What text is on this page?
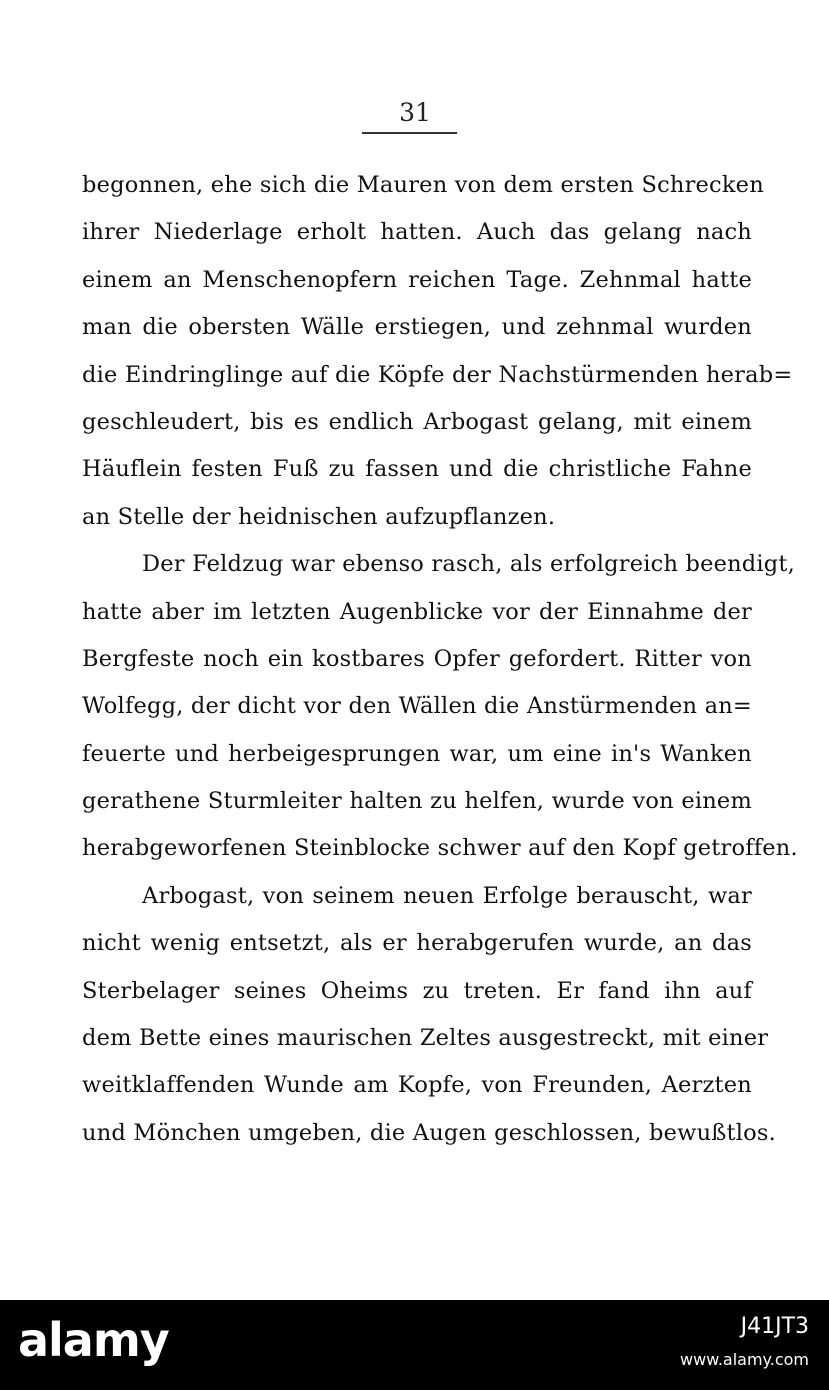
31
begonnen, ehe sich die Mauren von dem ersten Schrecken
ihrer Niederlage erholt hatten. Auch das gelang nach
einem an Menschenopfern reichen Tage. Zehnmal hatte
man die obersten Wälle erstiegen, und zehnmal wurden
die Eindringlinge auf die Köpfe der Nachstürmenden herab=
geschleudert, bis es endlich Arbogast gelang, mit einem
Häuflein festen Fuß zu fassen und die christliche Fahne
an Stelle der heidnischen aufzupflanzen.
Der Feldzug war ebenso rasch, als erfolgreich beendigt,
hatte aber im letzten Augenblicke vor der Einnahme der
Bergfeste noch ein kostbares Opfer gefordert. Ritter von
Wolfegg, der dicht vor den Wällen die Anstürmenden an=
feuerte und herbeigesprungen war, um eine in's Wanken
gerathene Sturmleiter halten zu helfen, wurde von einem
herabgeworfenen Steinblocke schwer auf den Kopf getroffen.
Arbogast, von seinem neuen Erfolge berauscht, war
nicht wenig entsetzt, als er herabgerufen wurde, an das
Sterbelager seines Oheims zu treten. Er fand ihn auf
dem Bette eines maurischen Zeltes ausgestreckt, mit einer
weitklaffenden Wunde am Kopfe, von Freunden, Aerzten
und Mönchen umgeben, die Augen geschlossen, bewußtlos.
alamy	J41JT3
www.alamy.com
